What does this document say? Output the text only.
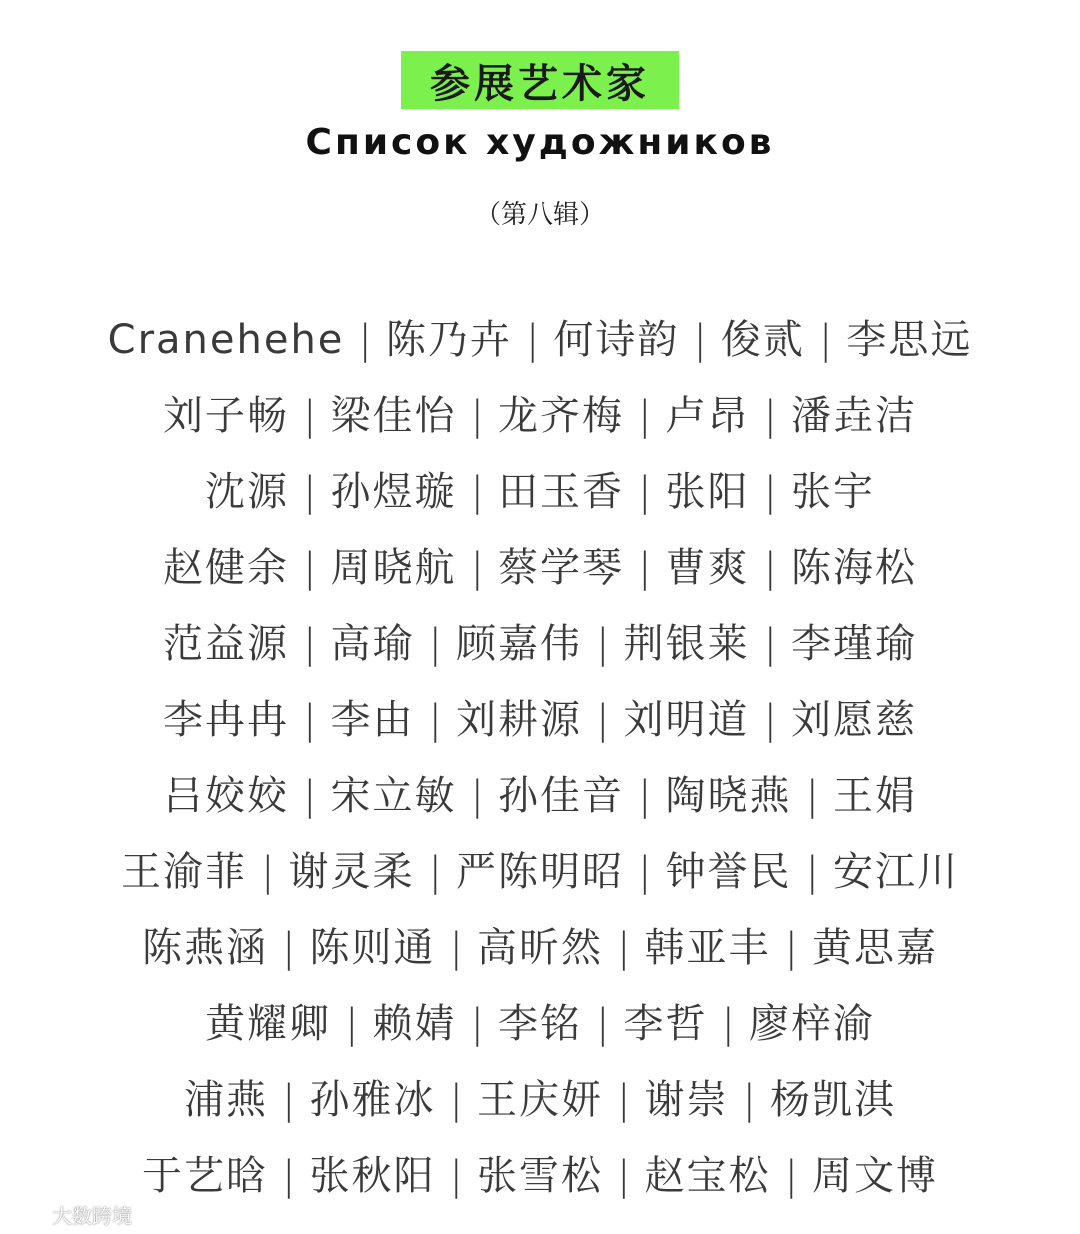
参展艺术家
Список художников
（第八辑）
Cranehehe | 陈乃卉 | 何诗韵 | 俊贰 | 李思远
刘子畅 | 梁佳怡 | 龙齐梅 | 卢昂 | 潘垚洁
沈源 | 孙煜璇 | 田玉香 | 张阳 | 张宇
赵健余 | 周晓航 | 蔡学琴 | 曹爽 | 陈海松
范益源 | 高瑜 | 顾嘉伟 | 荆银莱 | 李瑾瑜
李冉冉 | 李由 | 刘耕源 | 刘明道 | 刘愿慈
吕姣姣 | 宋立敏 | 孙佳音 | 陶晓燕 | 王娟
王渝菲 | 谢灵柔 | 严陈明昭 | 钟誉民 | 安江川
陈燕涵 | 陈则通 | 高昕然 | 韩亚丰 | 黄思嘉
黄耀卿 | 赖婧 | 李铭 | 李哲 | 廖梓渝
浦燕 | 孙雅冰 | 王庆妍 | 谢崇 | 杨凯淇
于艺晗 | 张秋阳 | 张雪松 | 赵宝松 | 周文博
大数跨境
